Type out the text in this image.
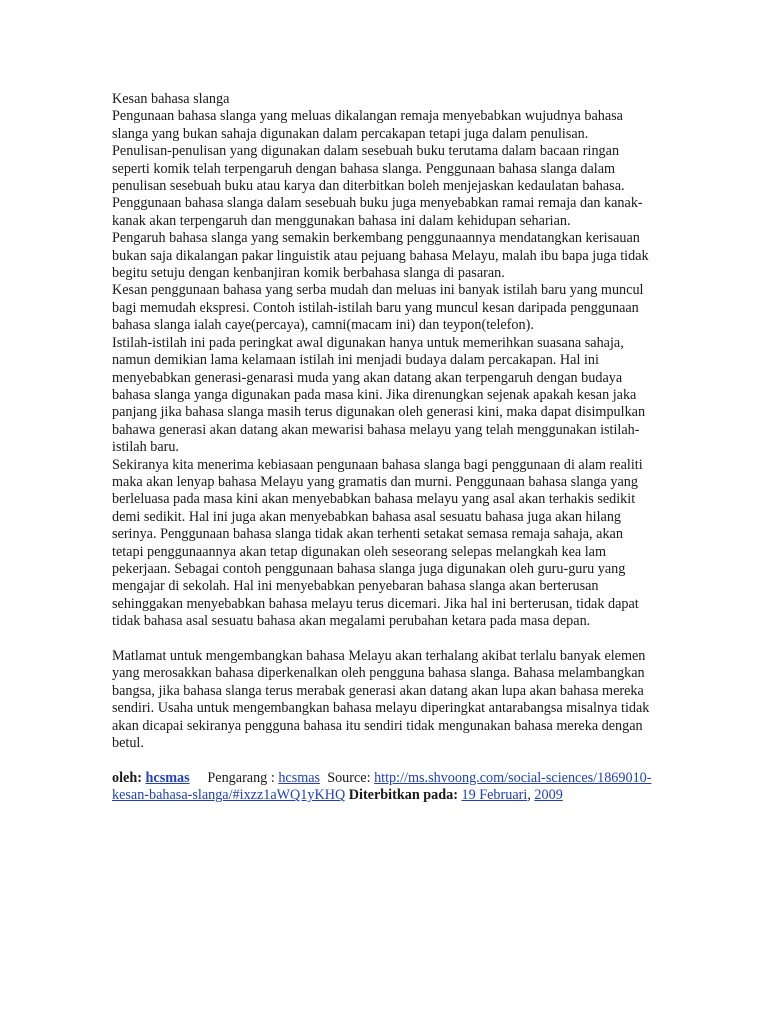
Kesan bahasa slanga

Pengunaan bahasa slanga yang meluas dikalangan remaja menyebabkan wujudnya bahasa slanga yang bukan sahaja digunakan dalam percakapan tetapi juga dalam penulisan.

Penulisan-penulisan yang digunakan dalam sesebuah buku terutama dalam bacaan ringan seperti komik telah terpengaruh dengan bahasa slanga. Penggunaan bahasa slanga dalam penulisan sesebuah buku atau karya dan diterbitkan boleh menjejaskan kedaulatan bahasa.

Penggunaan bahasa slanga dalam sesebuah buku juga menyebabkan ramai remaja dan kanak-kanak akan terpengaruh dan menggunakan bahasa ini dalam kehidupan seharian.

Pengaruh bahasa slanga yang semakin berkembang penggunaannya mendatangkan kerisauan bukan saja dikalangan pakar linguistik atau pejuang bahasa Melayu, malah ibu bapa juga tidak begitu setuju dengan kenbanjiran komik berbahasa slanga di pasaran.

Kesan penggunaan bahasa yang serba mudah dan meluas ini banyak istilah baru yang muncul bagi memudah ekspresi. Contoh istilah-istilah baru yang muncul kesan daripada penggunaan bahasa slanga ialah caye(percaya), camni(macam ini) dan teypon(telefon).

Istilah-istilah ini pada peringkat awal digunakan hanya untuk memerihkan suasana sahaja, namun demikian lama kelamaan istilah ini menjadi budaya dalam percakapan. Hal ini menyebabkan generasi-genarasi muda yang akan datang akan terpengaruh dengan budaya bahasa slanga yanga digunakan pada masa kini. Jika direnungkan sejenak apakah kesan jaka panjang jika bahasa slanga masih terus digunakan oleh generasi kini, maka dapat disimpulkan bahawa generasi akan datang akan mewarisi bahasa melayu yang telah menggunakan istilah-istilah baru.

Sekiranya kita menerima kebiasaan pengunaan bahasa slanga bagi penggunaan di alam realiti maka akan lenyap bahasa Melayu yang gramatis dan murni. Penggunaan bahasa slanga yang berleluasa pada masa kini akan menyebabkan bahasa melayu yang asal akan terhakis sedikit demi sedikit. Hal ini juga akan menyebabkan bahasa asal sesuatu bahasa juga akan hilang serinya. Penggunaan bahasa slanga tidak akan terhenti setakat semasa remaja sahaja, akan tetapi penggunaannya akan tetap digunakan oleh seseorang selepas melangkah kea lam pekerjaan. Sebagai contoh penggunaan bahasa slanga juga digunakan oleh guru-guru yang mengajar di sekolah. Hal ini menyebabkan penyebaran bahasa slanga akan berterusan sehinggakan menyebabkan bahasa melayu terus dicemari. Jika hal ini berterusan, tidak dapat tidak bahasa asal sesuatu bahasa akan megalami perubahan ketara pada masa depan.

Matlamat untuk mengembangkan bahasa Melayu akan terhalang akibat terlalu banyak elemen yang merosakkan bahasa diperkenalkan oleh pengguna bahasa slanga. Bahasa melambangkan bangsa, jika bahasa slanga terus merabak generasi akan datang akan lupa akan bahasa mereka sendiri. Usaha untuk mengembangkan bahasa melayu diperingkat antarabangsa misalnya tidak akan dicapai sekiranya pengguna bahasa itu sendiri tidak mengunakan bahasa mereka dengan betul.

oleh: hcsmas Pengarang : hcsmas Source: http://ms.shvoong.com/social-sciences/1869010-kesan-bahasa-slanga/#ixzz1aWQ1yKHQ Diterbitkan pada: 19 Februari, 2009
